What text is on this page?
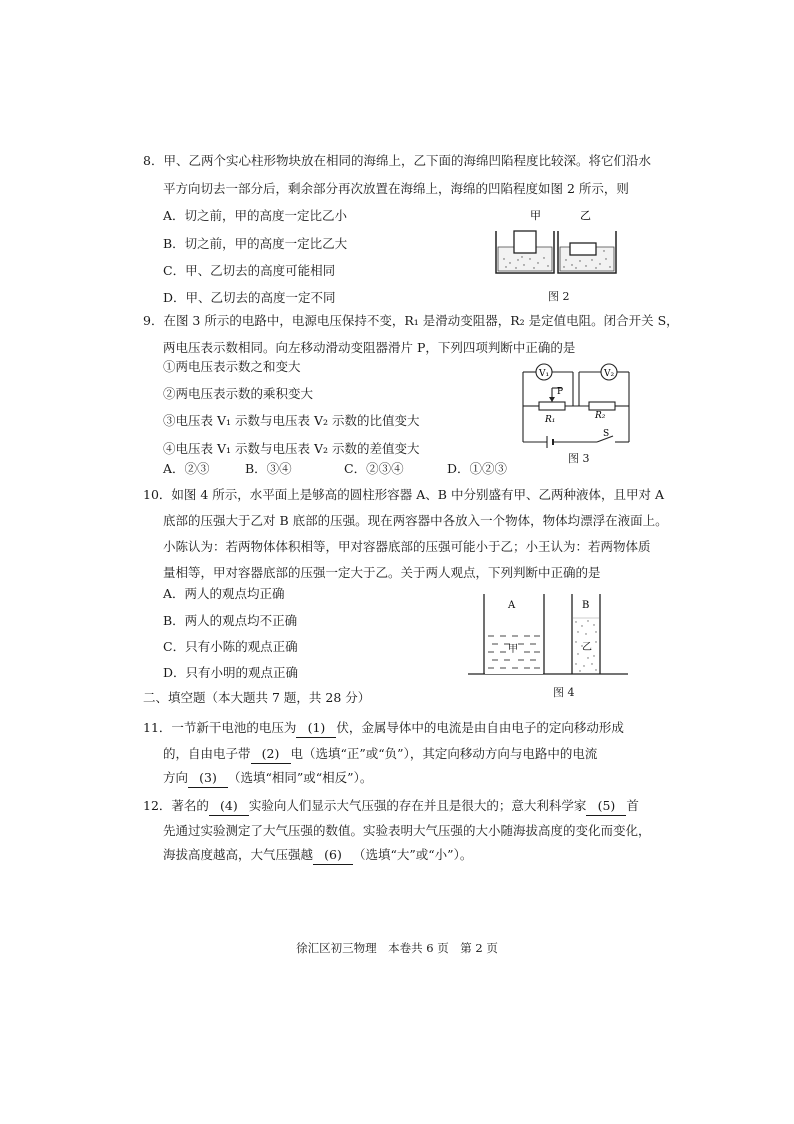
8．甲、乙两个实心柱形物块放在相同的海绵上，乙下面的海绵凹陷程度比较深。将它们沿水
平方向切去一部分后，剩余部分再次放置在海绵上，海绵的凹陷程度如图 2 所示，则
A．切之前，甲的高度一定比乙小
B．切之前，甲的高度一定比乙大
C．甲、乙切去的高度可能相同
D．甲、乙切去的高度一定不同
甲	乙
图 2
9．在图 3 所示的电路中，电源电压保持不变，R₁ 是滑动变阻器，R₂ 是定值电阻。闭合开关 S，
两电压表示数相同。向左移动滑动变阻器滑片 P，下列四项判断中正确的是
①两电压表示数之和变大
②两电压表示数的乘积变大
③电压表 V₁ 示数与电压表 V₂ 示数的比值变大
④电压表 V₁ 示数与电压表 V₂ 示数的差值变大
A．②③	B．③④	C．②③④	D．①②③
V₁	V₂
P
R₁	R₂
S
图 3
10．如图 4 所示，水平面上是够高的圆柱形容器 A、B 中分别盛有甲、乙两种液体，且甲对 A
底部的压强大于乙对 B 底部的压强。现在两容器中各放入一个物体，物体均漂浮在液面上。
小陈认为：若两物体体积相等，甲对容器底部的压强可能小于乙；小王认为：若两物体质
量相等，甲对容器底部的压强一定大于乙。关于两人观点，下列判断中正确的是
A．两人的观点均正确
B．两人的观点均不正确
C．只有小陈的观点正确
D．只有小明的观点正确
A	B
甲	乙
图 4
二、填空题（本大题共 7 题，共 28 分）
11．一节新干电池的电压为 (1) 伏，金属导体中的电流是由自由电子的定向移动形成
的，自由电子带 (2) 电（选填“正”或“负”），其定向移动方向与电路中的电流
方向 (3) （选填“相同”或“相反”）。
12．著名的 (4) 实验向人们显示大气压强的存在并且是很大的；意大利科学家 (5) 首
先通过实验测定了大气压强的数值。实验表明大气压强的大小随海拔高度的变化而变化，
海拔高度越高，大气压强越 (6) （选填“大”或“小”）。
徐汇区初三物理　本卷共 6 页　第 2 页
